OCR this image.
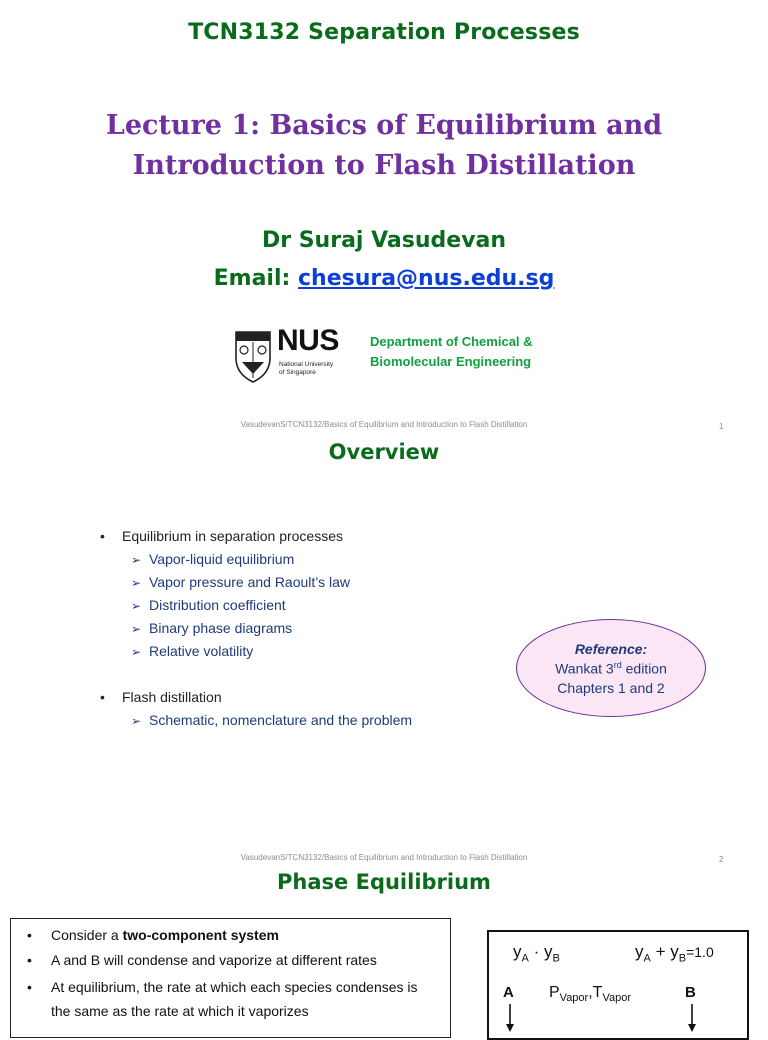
TCN3132 Separation Processes
Lecture 1: Basics of Equilibrium and
Introduction to Flash Distillation
Dr Suraj Vasudevan
Email: chesura@nus.edu.sg
NUS
National University
of Singapore
Department of Chemical &
Biomolecular Engineering
VasudevanS/TCN3132/Basics of Equilibrium and Introduction to Flash Distillation	1
Overview
• Equilibrium in separation processes
➢ Vapor-liquid equilibrium
➢ Vapor pressure and Raoult’s law
➢ Distribution coefficient
➢ Binary phase diagrams
➢ Relative volatility
• Flash distillation
➢ Schematic, nomenclature and the problem
Reference:
Wankat 3rd edition
Chapters 1 and 2
VasudevanS/TCN3132/Basics of Equilibrium and Introduction to Flash Distillation	2
Phase Equilibrium
•	Consider a two-component system
•	A and B will condense and vaporize at different rates
•	At equilibrium, the rate at which each species condenses is the same as the rate at which it vaporizes
$y_A \cdot y_B$	$y_A + y_B=1.0$
A	B
$P_{Vapor},T_{Vapor}$
